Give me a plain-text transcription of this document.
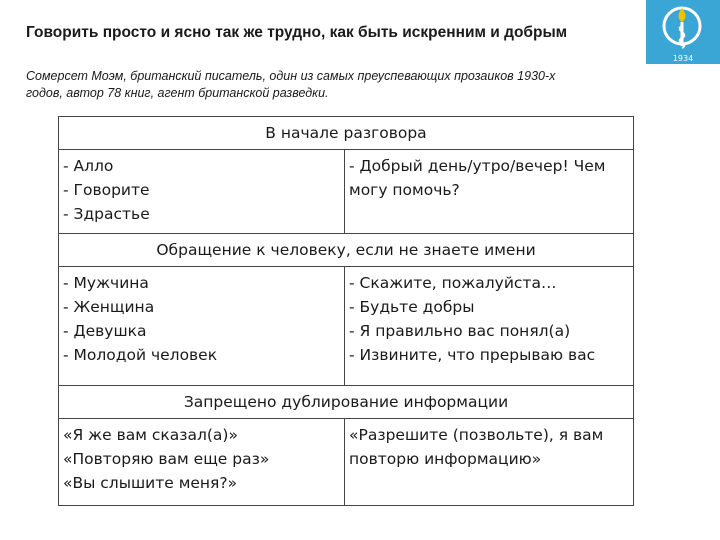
Говорить просто и ясно так же трудно, как быть искренним и добрым
1934
Сомерсет Моэм, британский писатель, один из самых преуспевающих прозаиков 1930-х
годов, автор 78 книг, агент британской разведки.
В начале разговора
- Алло
- Говорите
- Здрастье
- Добрый день/утро/вечер! Чем могу помочь?
Обращение к человеку, если не знаете имени
- Мужчина
- Женщина
- Девушка
- Молодой человек
- Скажите, пожалуйста…
- Будьте добры
- Я правильно вас понял(а)
- Извините, что прерываю вас
Запрещено дублирование информации
«Я же вам сказал(а)»
«Повторяю вам еще раз»
«Вы слышите меня?»
«Разрешите (позвольте), я вам повторю информацию»
